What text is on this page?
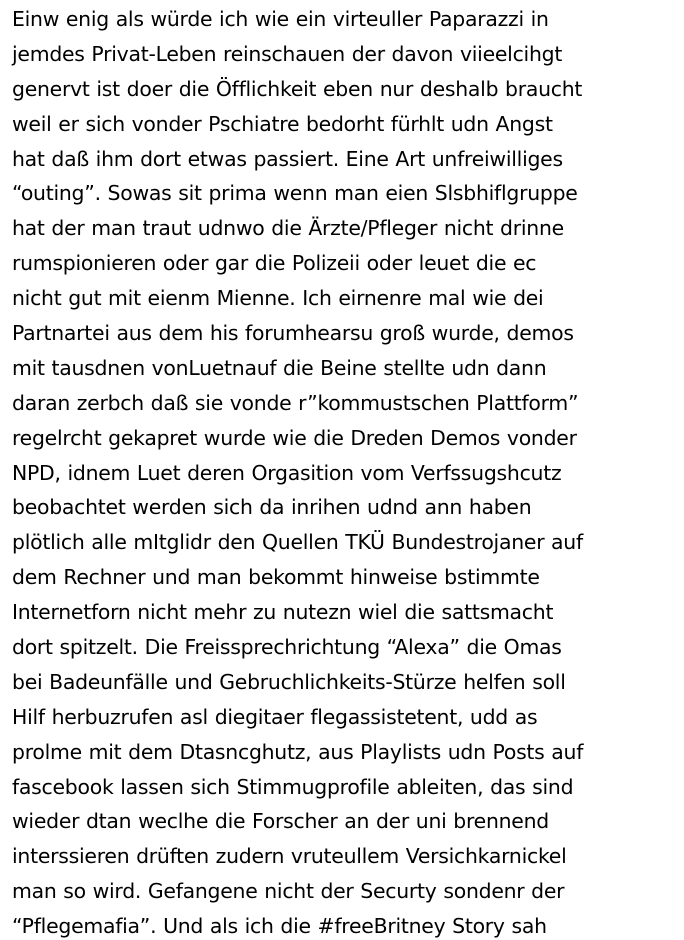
Einw enig als würde ich wie ein virteuller Paparazzi in
jemdes Privat-Leben reinschauen der davon viieelcihgt
genervt ist doer die Öfflichkeit eben nur deshalb braucht
weil er sich vonder Pschiatre bedorht fürhlt udn Angst
hat daß ihm dort etwas passiert. Eine Art unfreiwilliges
“outing”. Sowas sit prima wenn man eien Slsbhiflgruppe
hat der man traut udnwo die Ärzte/Pfleger nicht drinne
rumspionieren oder gar die Polizeii oder leuet die ec
nicht gut mit eienm Mienne. Ich eirnenre mal wie dei
Partnartei aus dem his forumhearsu groß wurde, demos
mit tausdnen vonLuetnauf die Beine stellte udn dann
daran zerbch daß sie vonde r”kommustschen Plattform”
regelrcht gekapret wurde wie die Dreden Demos vonder
NPD, idnem Luet deren Orgasition vom Verfssugshcutz
beobachtet werden sich da inrihen udnd ann haben
plötlich alle mItglidr den Quellen TKÜ Bundestrojaner auf
dem Rechner und man bekommt hinweise bstimmte
Internetforn nicht mehr zu nutezn wiel die sattsmacht
dort spitzelt. Die Freissprechrichtung “Alexa” die Omas
bei Badeunfälle und Gebruchlichkeits-Stürze helfen soll
Hilf herbuzrufen asl diegitaer flegassistetent, udd as
prolme mit dem Dtasncghutz, aus Playlists udn Posts auf
fascebook lassen sich Stimmugprofile ableiten, das sind
wieder dtan weclhe die Forscher an der uni brennend
interssieren drüften zudern vruteullem Versichkarnickel
man so wird. Gefangene nicht der Securty sondenr der
“Pflegemafia”. Und als ich die #freeBritney Story sah
